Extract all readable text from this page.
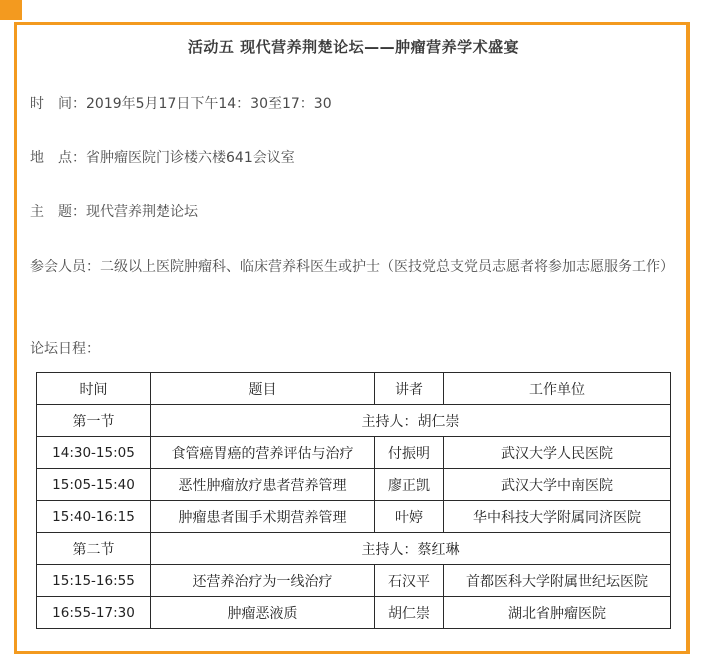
活动五 现代营养荆楚论坛——肿瘤营养学术盛宴
时　间：2019年5月17日下午14：30至17：30
地　点：省肿瘤医院门诊楼六楼641会议室
主　题：现代营养荆楚论坛
参会人员：二级以上医院肿瘤科、临床营养科医生或护士（医技党总支党员志愿者将参加志愿服务工作）
论坛日程：
时间	题目	讲者	工作单位
第一节	主持人：胡仁崇		
14:30-15:05	食管癌胃癌的营养评估与治疗	付振明	武汉大学人民医院
15:05-15:40	恶性肿瘤放疗患者营养管理	廖正凯	武汉大学中南医院
15:40-16:15	肿瘤患者围手术期营养管理	叶婷	华中科技大学附属同济医院
第二节	主持人：蔡红琳		
15:15-16:55	还营养治疗为一线治疗	石汉平	首都医科大学附属世纪坛医院
16:55-17:30	肿瘤恶液质	胡仁崇	湖北省肿瘤医院
